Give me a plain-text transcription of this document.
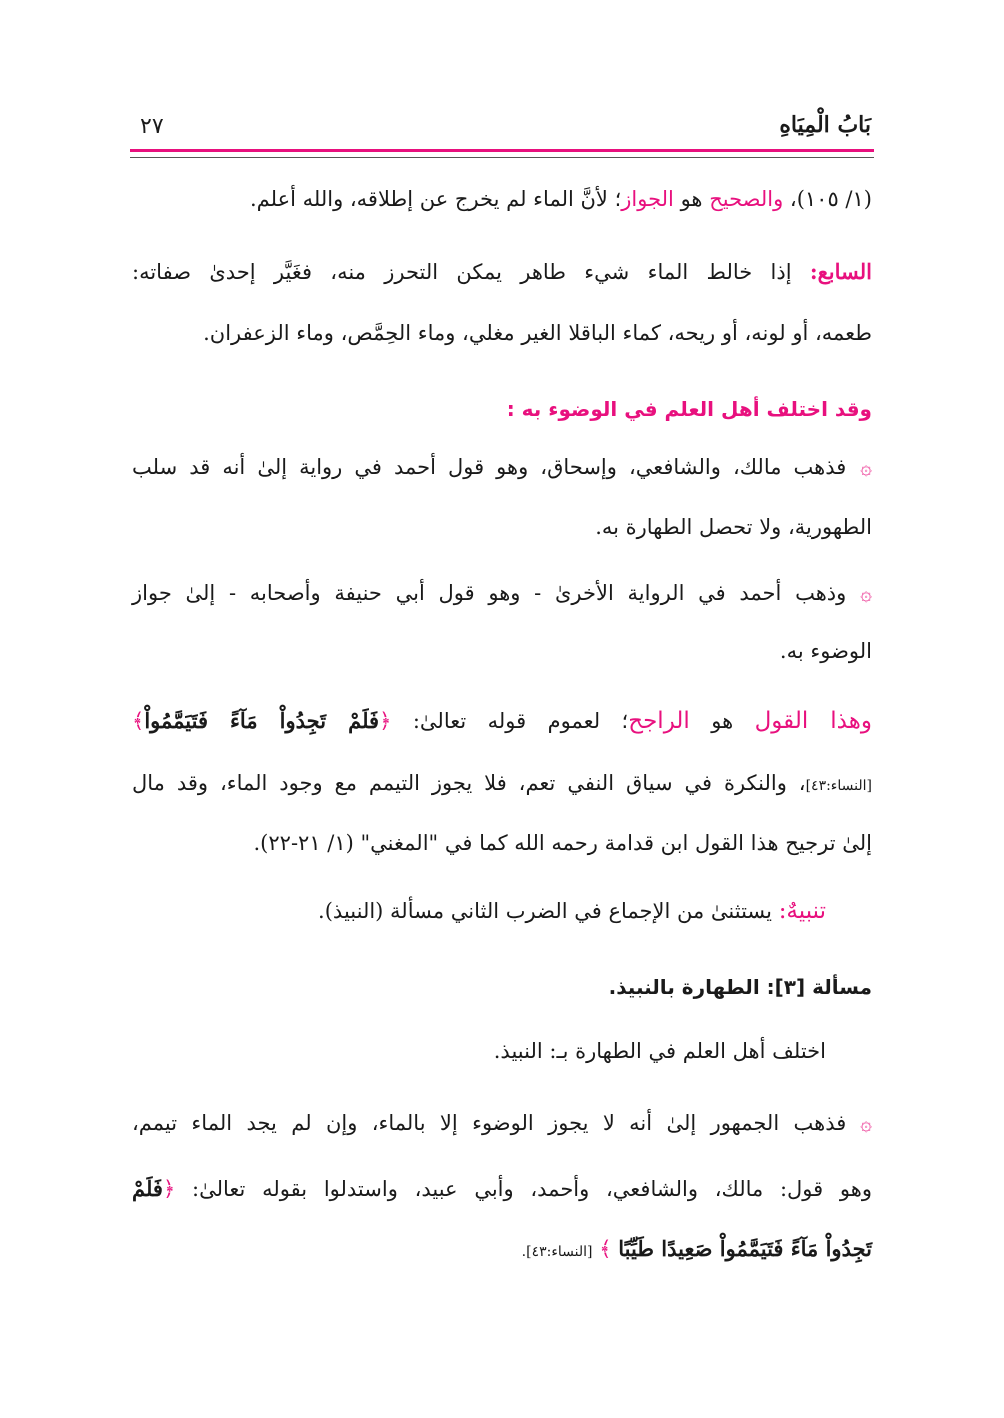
بَابُ الْمِيَاهِ
٢٧
(١/ ١٠٥)، والصحيح هو الجواز؛ لأنَّ الماء لم يخرج عن إطلاقه، والله أعلم.
السابع: إذا خالط الماء شيء طاهر يمكن التحرز منه، فغَيَّر إحدىٰ صفاته:
طعمه، أو لونه، أو ريحه، كماء الباقلا الغير مغلي، وماء الحِمَّص، وماء الزعفران.
وقد اختلف أهل العلم في الوضوء به :
۞فذهب مالك، والشافعي، وإسحاق، وهو قول أحمد في رواية إلىٰ أنه قد سلب
الطهورية، ولا تحصل الطهارة به.
۞وذهب أحمد في الرواية الأخرىٰ - وهو قول أبي حنيفة وأصحابه - إلىٰ جواز
الوضوء به.
وهذا القول هو الراجح؛ لعموم قوله تعالىٰ: ﴿فَلَمْ تَجِدُواْ مَآءً فَتَيَمَّمُواْ﴾
[النساء:٤٣]، والنكرة في سياق النفي تعم، فلا يجوز التيمم مع وجود الماء، وقد مال
إلىٰ ترجيح هذا القول ابن قدامة رحمه الله كما في "المغني" (١/ ٢١-٢٢).
تنبيهٌ: يستثنىٰ من الإجماع في الضرب الثاني مسألة (النبيذ).
مسألة [٣]: الطهارة بالنبيذ.
اختلف أهل العلم في الطهارة بـ: النبيذ.
۞فذهب الجمهور إلىٰ أنه لا يجوز الوضوء إلا بالماء، وإن لم يجد الماء تيمم،
وهو قول: مالك، والشافعي، وأحمد، وأبي عبيد، واستدلوا بقوله تعالىٰ: ﴿فَلَمْ
تَجِدُواْ مَآءً فَتَيَمَّمُواْ صَعِيدًا طَيِّبًا ﴾ [النساء:٤٣].
